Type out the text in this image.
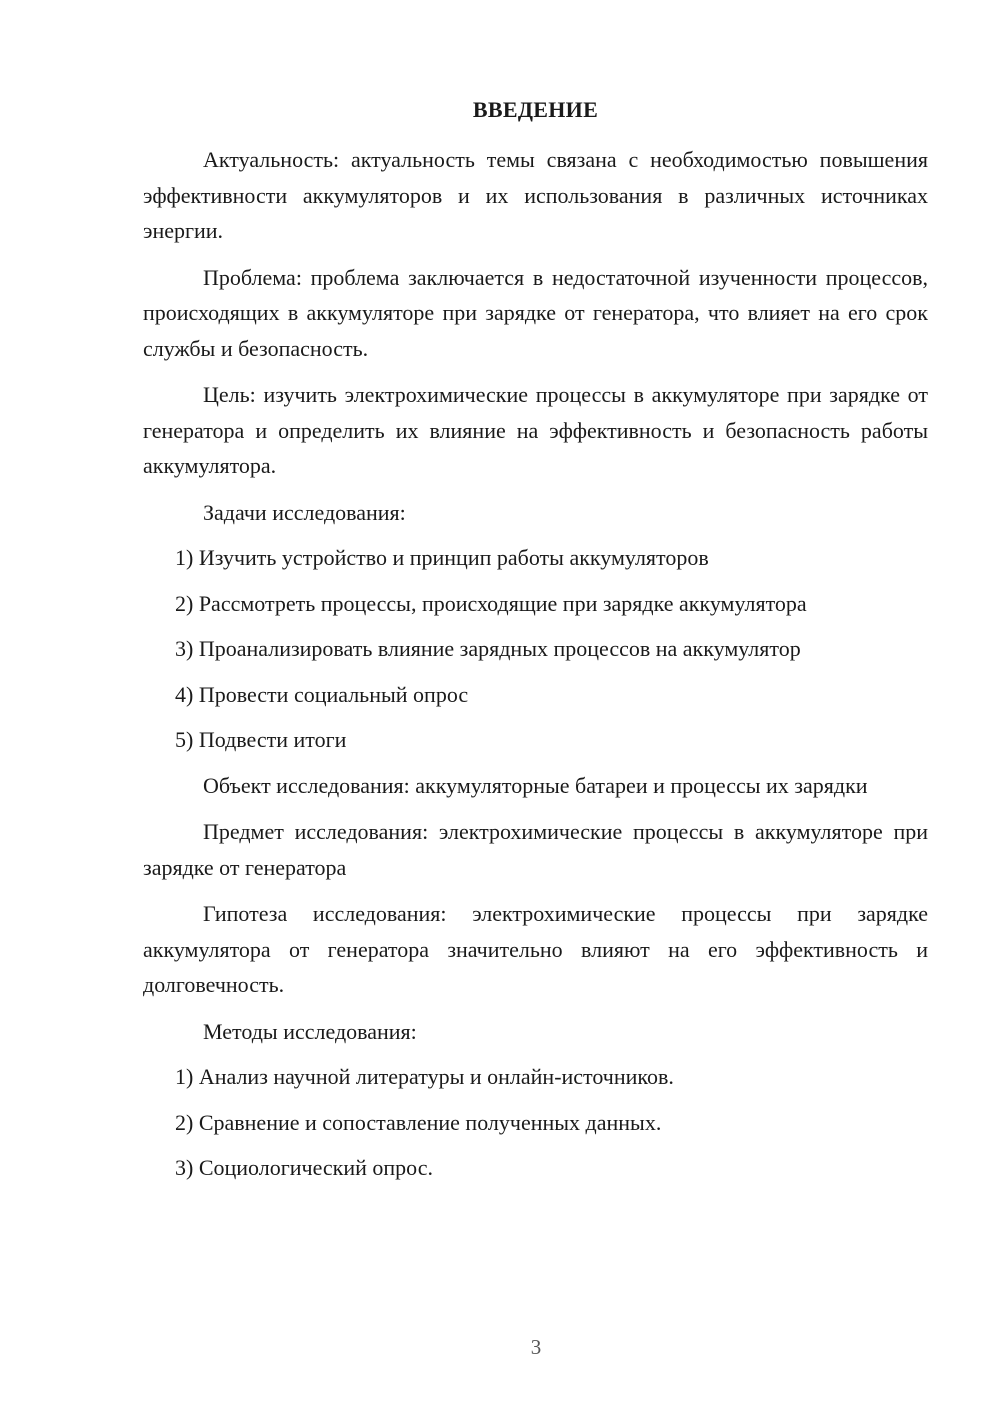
ВВЕДЕНИЕ

Актуальность: актуальность темы связана с необходимостью повышения эффективности аккумуляторов и их использования в различных источниках энергии.

Проблема: проблема заключается в недостаточной изученности процессов, происходящих в аккумуляторе при зарядке от генератора, что влияет на его срок службы и безопасность.

Цель: изучить электрохимические процессы в аккумуляторе при зарядке от генератора и определить их влияние на эффективность и безопасность работы аккумулятора.

Задачи исследования:

1) Изучить устройство и принцип работы аккумуляторов
2) Рассмотреть процессы, происходящие при зарядке аккумулятора
3) Проанализировать влияние зарядных процессов на аккумулятор
4) Провести социальный опрос
5) Подвести итоги

Объект исследования: аккумуляторные батареи и процессы их зарядки

Предмет исследования: электрохимические процессы в аккумуляторе при зарядке от генератора

Гипотеза исследования: электрохимические процессы при зарядке аккумулятора от генератора значительно влияют на его эффективность и долговечность.

Методы исследования:

1) Анализ научной литературы и онлайн-источников.
2) Сравнение и сопоставление полученных данных.
3) Социологический опрос.
3
